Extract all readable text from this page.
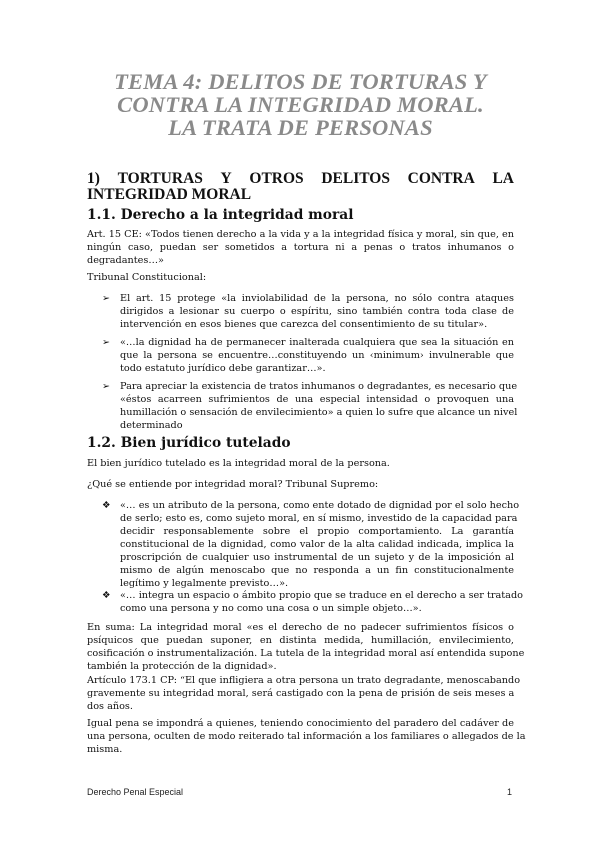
TEMA 4: DELITOS DE TORTURAS Y
CONTRA LA INTEGRIDAD MORAL.
LA TRATA DE PERSONAS
1) TORTURAS Y OTROS DELITOS CONTRA LA
INTEGRIDAD MORAL
1.1. Derecho a la integridad moral
Art. 15 CE: «Todos tienen derecho a la vida y a la integridad física y moral, sin que, en
ningún caso, puedan ser sometidos a tortura ni a penas o tratos inhumanos o
degradantes…»
Tribunal Constitucional:
➢ El art. 15 protege «la inviolabilidad de la persona, no sólo contra ataques
dirigidos a lesionar su cuerpo o espíritu, sino también contra toda clase de
intervención en esos bienes que carezca del consentimiento de su titular».
➢ «…la dignidad ha de permanecer inalterada cualquiera que sea la situación en
que la persona se encuentre…constituyendo un ‹minimum› invulnerable que
todo estatuto jurídico debe garantizar…».
➢ Para apreciar la existencia de tratos inhumanos o degradantes, es necesario que
«éstos acarreen sufrimientos de una especial intensidad o provoquen una
humillación o sensación de envilecimiento» a quien lo sufre que alcance un nivel
determinado
1.2. Bien jurídico tutelado
El bien jurídico tutelado es la integridad moral de la persona.
¿Qué se entiende por integridad moral? Tribunal Supremo:
❖ «… es un atributo de la persona, como ente dotado de dignidad por el solo hecho
de serlo; esto es, como sujeto moral, en sí mismo, investido de la capacidad para
decidir responsablemente sobre el propio comportamiento. La garantía
constitucional de la dignidad, como valor de la alta calidad indicada, implica la
proscripción de cualquier uso instrumental de un sujeto y de la imposición al
mismo de algún menoscabo que no responda a un fin constitucionalmente
legítimo y legalmente previsto…».
❖ «… integra un espacio o ámbito propio que se traduce en el derecho a ser tratado
como una persona y no como una cosa o un simple objeto…».
En suma: La integridad moral «es el derecho de no padecer sufrimientos físicos o
psíquicos que puedan suponer, en distinta medida, humillación, envilecimiento,
cosificación o instrumentalización. La tutela de la integridad moral así entendida supone
también la protección de la dignidad».
Artículo 173.1 CP: “El que infligiera a otra persona un trato degradante, menoscabando
gravemente su integridad moral, será castigado con la pena de prisión de seis meses a
dos años.
Igual pena se impondrá a quienes, teniendo conocimiento del paradero del cadáver de
una persona, oculten de modo reiterado tal información a los familiares o allegados de la
misma.
Derecho Penal Especial	1
